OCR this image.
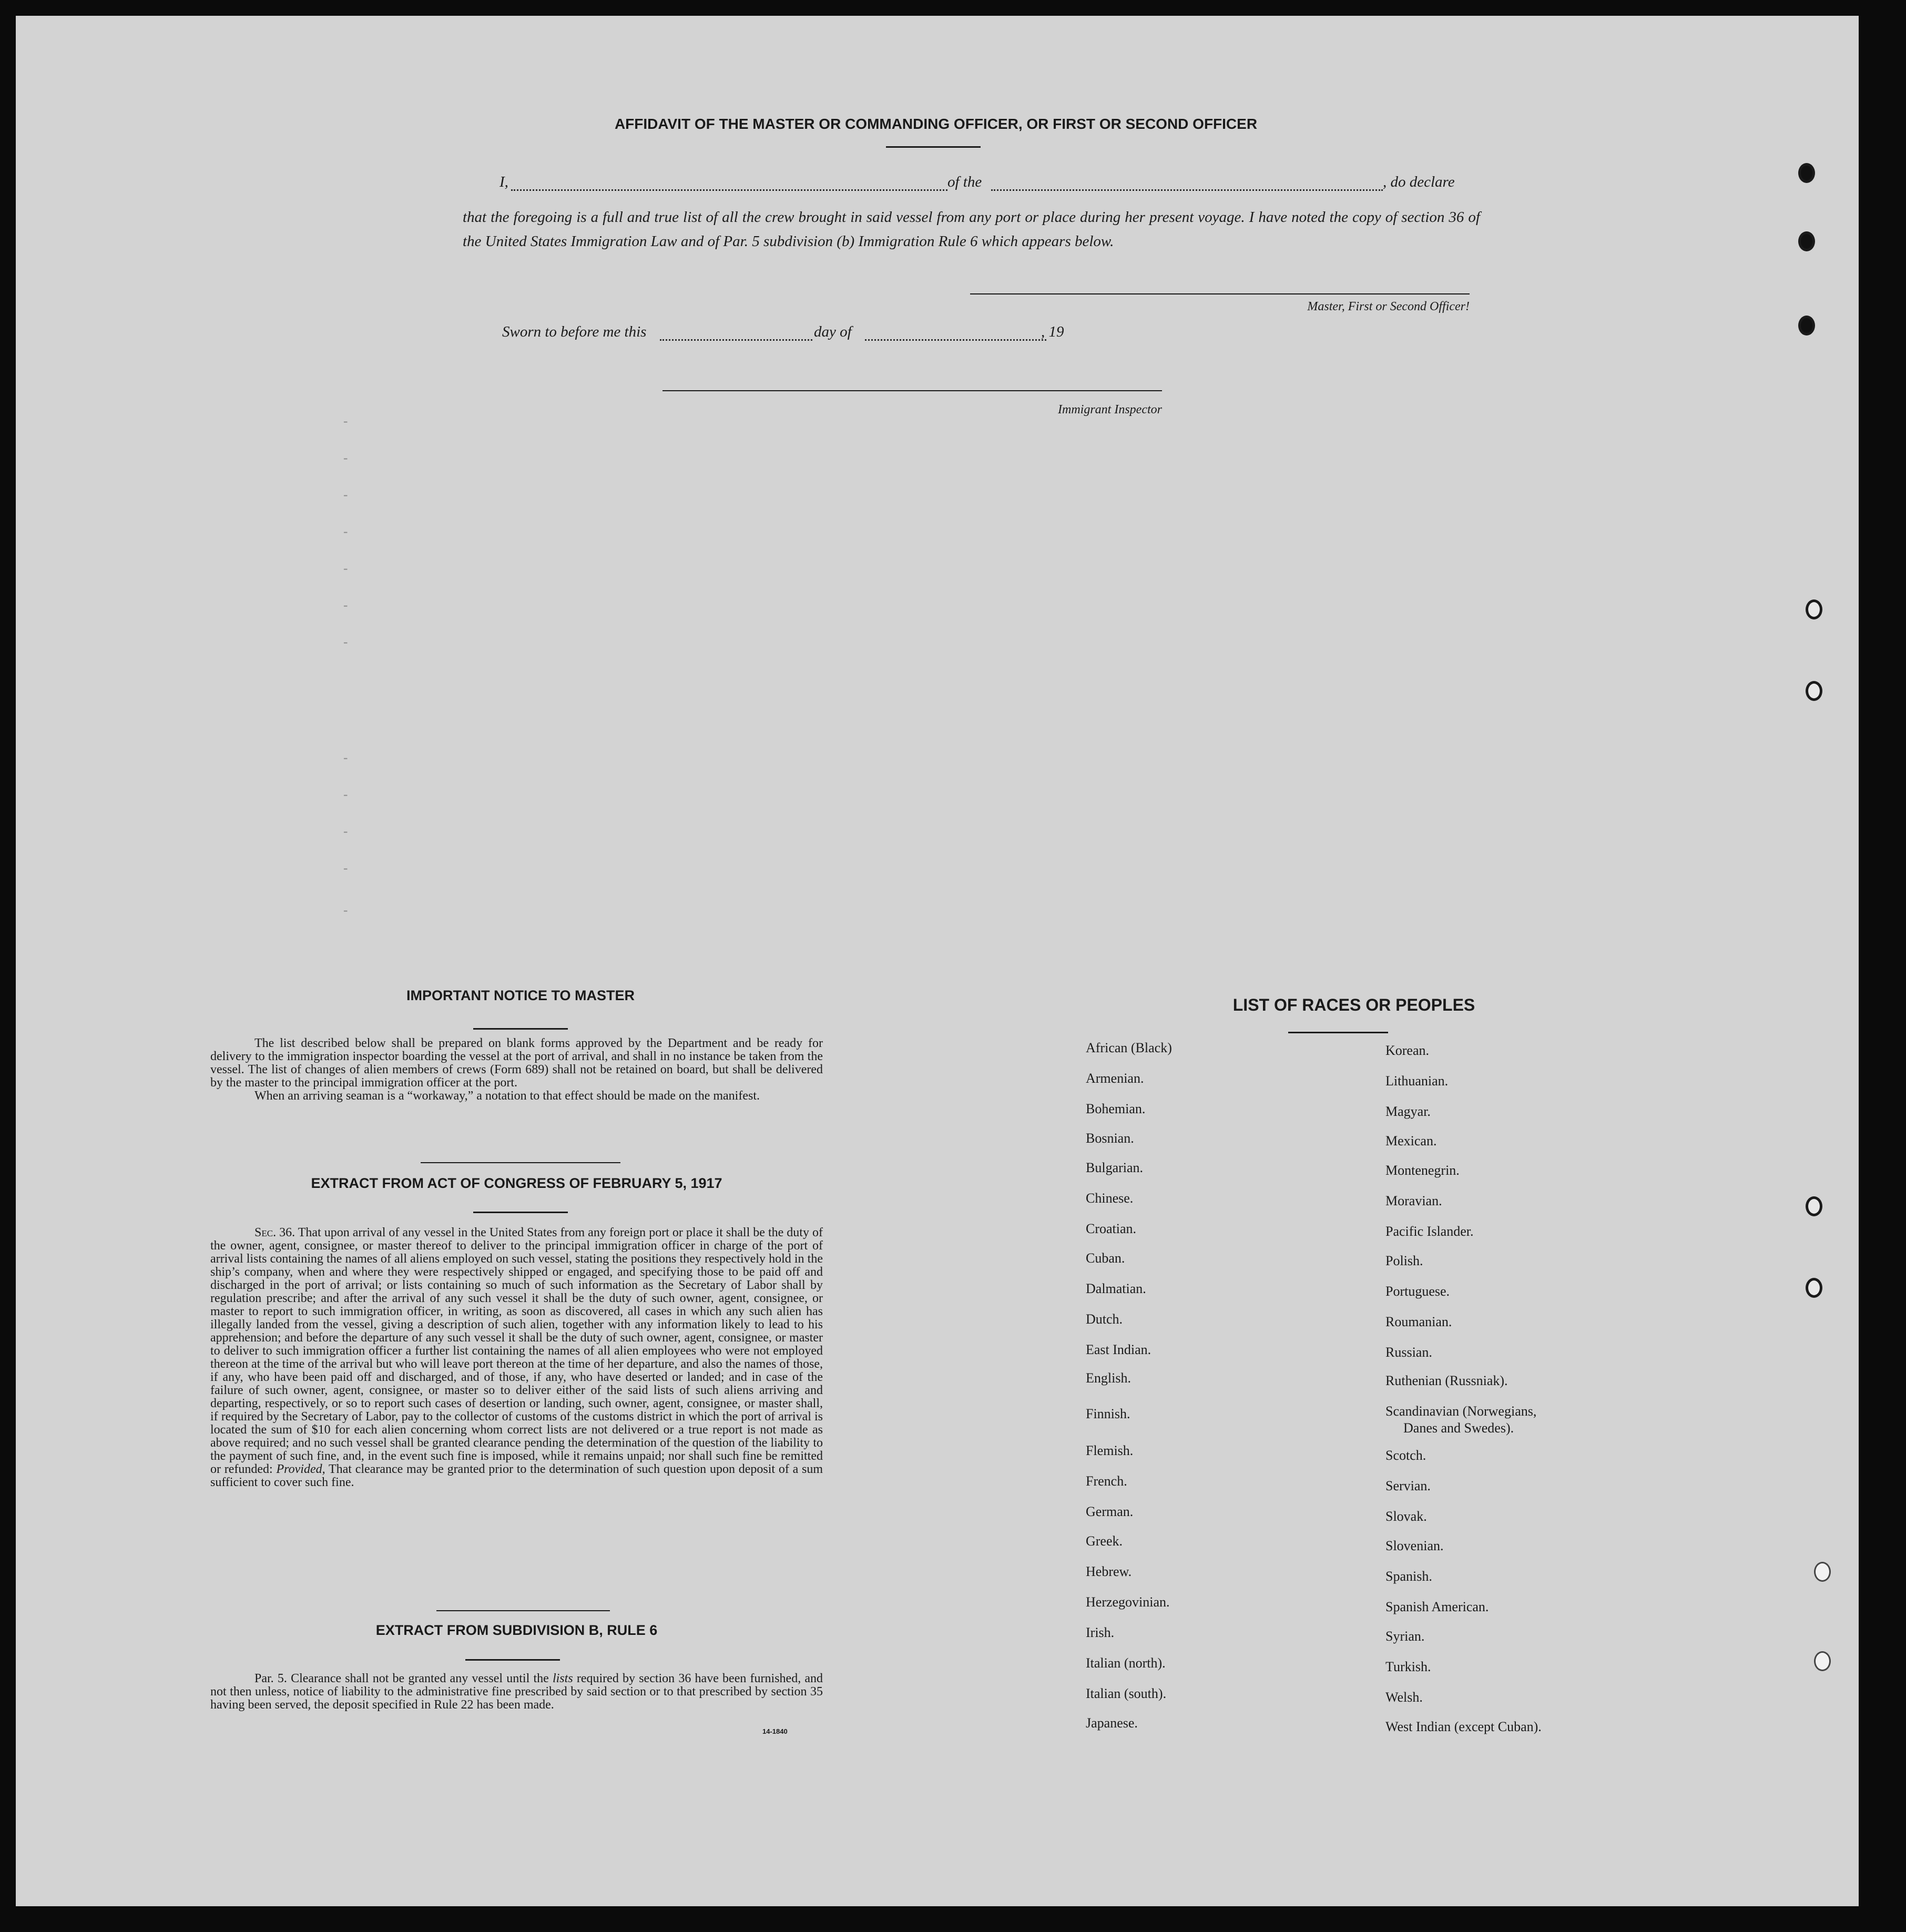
-
-
-
-
-
-
-
-
-
-
-
-
AFFIDAVIT OF THE MASTER OR COMMANDING OFFICER, OR FIRST OR SECOND OFFICER
I,	of the	, do declare
that the foregoing is a full and true list of all the crew brought in said vessel from any port or place during her present voyage. I have noted the copy of section 36 of the United States Immigration Law and of Par. 5 subdivision (b) Immigration Rule 6 which appears below.
Master, First or Second Officer!
Sworn to before me this	day of	, 19
Immigrant Inspector
IMPORTANT NOTICE TO MASTER

The list described below shall be prepared on blank forms approved by the Department and be ready for delivery to the immigration inspector boarding the vessel at the port of arrival, and shall in no instance be taken from the vessel. The list of changes of alien members of crews (Form 689) shall not be retained on board, but shall be delivered by the master to the principal immigration officer at the port.

When an arriving seaman is a “workaway,” a notation to that effect should be made on the manifest.

EXTRACT FROM ACT OF CONGRESS OF FEBRUARY 5, 1917

Sec. 36. That upon arrival of any vessel in the United States from any foreign port or place it shall be the duty of the owner, agent, consignee, or master thereof to deliver to the principal immigration officer in charge of the port of arrival lists containing the names of all aliens employed on such vessel, stating the positions they respectively hold in the ship’s company, when and where they were respectively shipped or engaged, and specifying those to be paid off and discharged in the port of arrival; or lists containing so much of such information as the Secretary of Labor shall by regulation prescribe; and after the arrival of any such vessel it shall be the duty of such owner, agent, consignee, or master to report to such immigration officer, in writing, as soon as discovered, all cases in which any such alien has illegally landed from the vessel, giving a description of such alien, together with any information likely to lead to his apprehension; and before the departure of any such vessel it shall be the duty of such owner, agent, consignee, or master to deliver to such immigration officer a further list containing the names of all alien employees who were not employed thereon at the time of the arrival but who will leave port thereon at the time of her departure, and also the names of those, if any, who have been paid off and discharged, and of those, if any, who have deserted or landed; and in case of the failure of such owner, agent, consignee, or master so to deliver either of the said lists of such aliens arriving and departing, respectively, or so to report such cases of desertion or landing, such owner, agent, consignee, or master shall, if required by the Secretary of Labor, pay to the collector of customs of the customs district in which the port of arrival is located the sum of $10 for each alien concerning whom correct lists are not delivered or a true report is not made as above required; and no such vessel shall be granted clearance pending the determination of the question of the liability to the payment of such fine, and, in the event such fine is imposed, while it remains unpaid; nor shall such fine be remitted or refunded: Provided, That clearance may be granted prior to the determination of such question upon deposit of a sum sufficient to cover such fine.

EXTRACT FROM SUBDIVISION B, RULE 6

Par. 5. Clearance shall not be granted any vessel until the lists required by section 36 have been furnished, and not then unless, notice of liability to the administrative fine prescribed by said section or to that prescribed by section 35 having been served, the deposit specified in Rule 22 has been made.

14-1840
LIST OF RACES OR PEOPLES
African (Black)
Armenian.
Bohemian.
Bosnian.
Bulgarian.
Chinese.
Croatian.
Cuban.
Dalmatian.
Dutch.
East Indian.
English.
Finnish.
Flemish.
French.
German.
Greek.
Hebrew.
Herzegovinian.
Irish.
Italian (north).
Italian (south).
Japanese.
Korean.
Lithuanian.
Magyar.
Mexican.
Montenegrin.
Moravian.
Pacific Islander.
Polish.
Portuguese.
Roumanian.
Russian.
Ruthenian (Russniak).
Scandinavian (Norwegians,
Danes and Swedes).
Scotch.
Servian.
Slovak.
Slovenian.
Spanish.
Spanish American.
Syrian.
Turkish.
Welsh.
West Indian (except Cuban).
